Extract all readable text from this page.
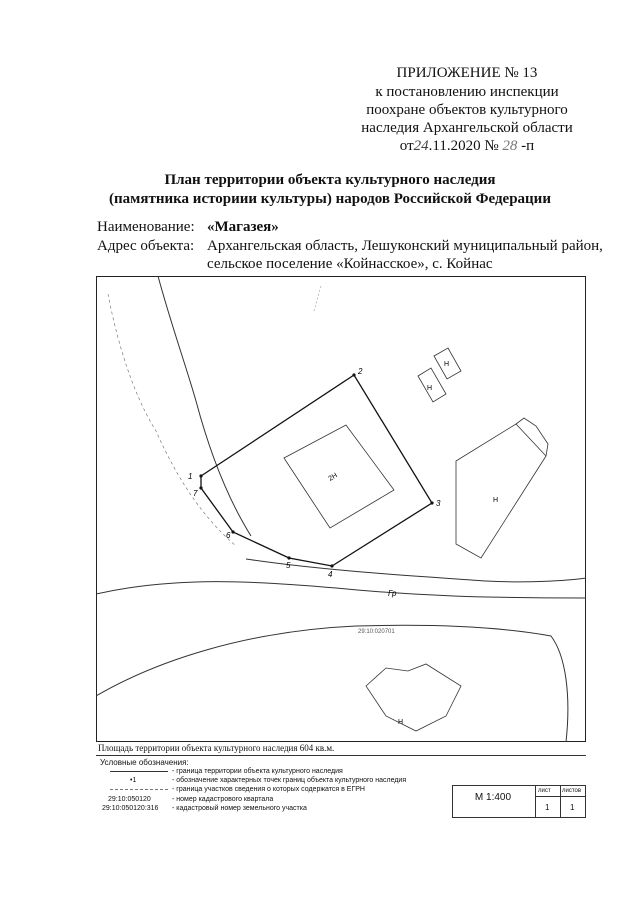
ПРИЛОЖЕНИЕ № 13
к постановлению инспекции
поохране объектов культурного
наследия Архангельской области
от24.11.2020 № 28 -п
План территории объекта культурного наследия
(памятника историии культуры) народов Российской Федерации
Наименование: «Магазея»
Адрес объекта: Архангельская область, Лешуконский муниципальный район,
сельское поселение «Койнасское», с. Койнас
2Н
Н
Н
Н
Н
Гр
29:10:020701
1
2
3
4
5
6
7
Площадь территории объекта культурного наследия 604 кв.м.
Условные обозначения:
- граница территории объекта культурного наследия
•1	- обозначение характерных точек границ объекта культурного наследия
- граница участков сведения о которых содержатся в ЕГРН
29:10:050120	- номер кадастрового квартала
29:10:050120:316 - кадастровый номер земельного участка
М 1:400
лист листов
1	1
